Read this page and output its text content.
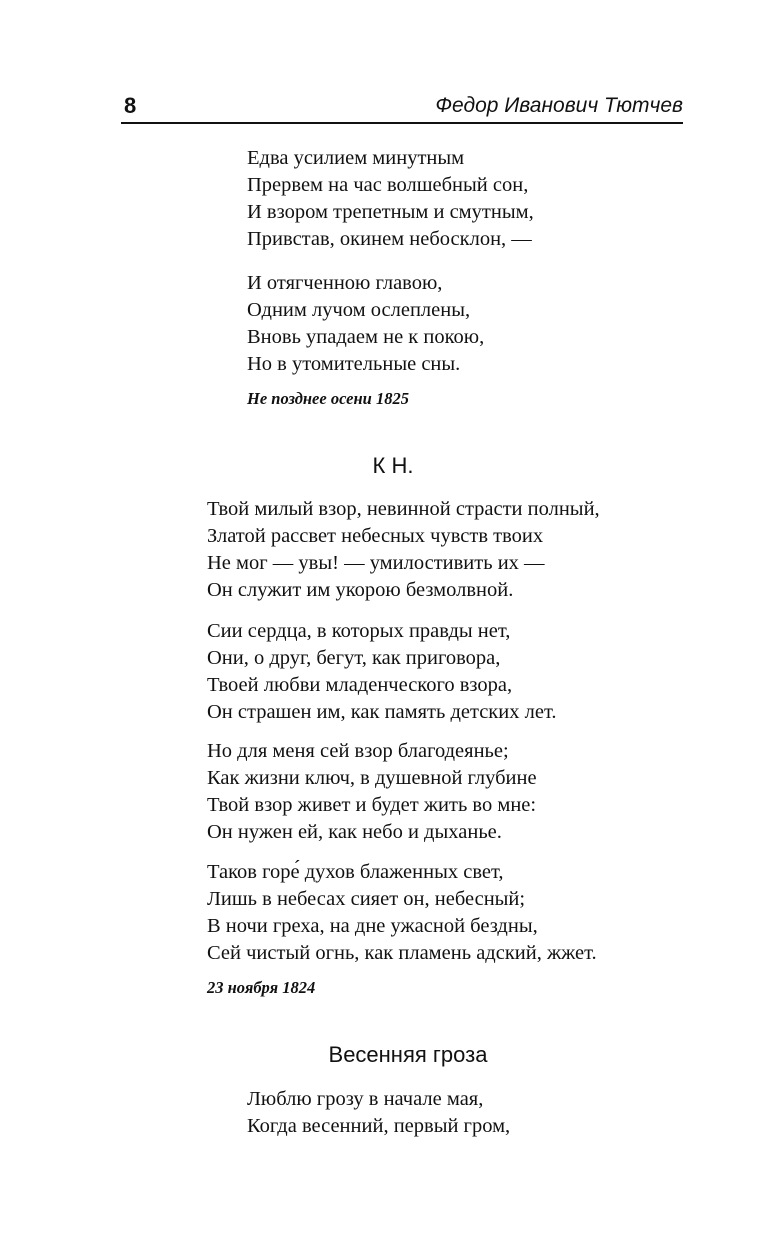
8	Федор Иванович Тютчев
Едва усилием минутным
Прервем на час волшебный сон,
И взором трепетным и смутным,
Привстав, окинем небосклон, —
И отягченною главою,
Одним лучом ослеплены,
Вновь упадаем не к покою,
Но в утомительные сны.
Не позднее осени 1825
К Н.
Твой милый взор, невинной страсти полный,
Златой рассвет небесных чувств твоих
Не мог — увы! — умилостивить их —
Он служит им укорою безмолвной.
Сии сердца, в которых правды нет,
Они, о друг, бегут, как приговора,
Твоей любви младенческого взора,
Он страшен им, как память детских лет.
Но для меня сей взор благодеянье;
Как жизни ключ, в душевной глубине
Твой взор живет и будет жить во мне:
Он нужен ей, как небо и дыханье.
Таков горе́ духов блаженных свет,
Лишь в небесах сияет он, небесный;
В ночи греха, на дне ужасной бездны,
Сей чистый огнь, как пламень адский, жжет.
23 ноября 1824
Весенняя гроза
Люблю грозу в начале мая,
Когда весенний, первый гром,
